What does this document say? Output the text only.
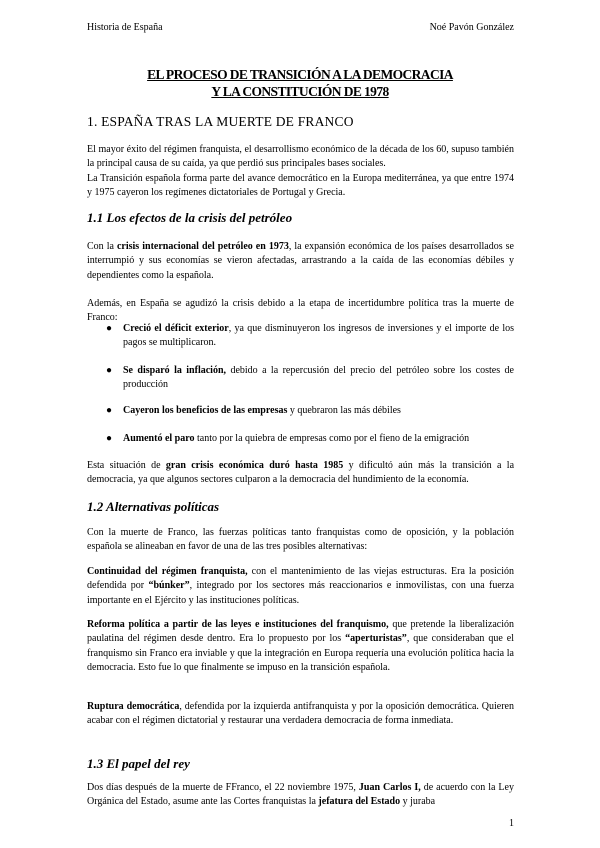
Historia de España	Noé Pavón González
EL PROCESO DE TRANSICIÓN A LA DEMOCRACIA
Y LA CONSTITUCIÓN DE 1978
1. ESPAÑA TRAS LA MUERTE DE FRANCO
El mayor éxito del régimen franquista, el desarrollismo económico de la década de los 60, supuso también la principal causa de su caída, ya que perdió sus principales bases sociales.
La Transición española forma parte del avance democrático en la Europa mediterránea, ya que entre 1974 y 1975 cayeron los regímenes dictatoriales de Portugal y Grecia.
1.1 Los efectos de la crisis del petróleo
Con la crisis internacional del petróleo en 1973, la expansión económica de los países desarrollados se interrumpió y sus economías se vieron afectadas, arrastrando a la caída de las economías débiles y dependientes como la española.
Además, en España se agudizó la crisis debido a la etapa de incertidumbre política tras la muerte de Franco:
● Creció el déficit exterior, ya que disminuyeron los ingresos de inversiones y el importe de los pagos se multiplicaron.
● Se disparó la inflación, debido a la repercusión del precio del petróleo sobre los costes de producción
● Cayeron los beneficios de las empresas y quebraron las más débiles
● Aumentó el paro tanto por la quiebra de empresas como por el fieno de la emigración
Esta situación de gran crisis económica duró hasta 1985 y dificultó aún más la transición a la democracia, ya que algunos sectores culparon a la democracia del hundimiento de la economía.
1.2 Alternativas políticas
Con la muerte de Franco, las fuerzas políticas tanto franquistas como de oposición, y la población española se alineaban en favor de una de las tres posibles alternativas:
Continuidad del régimen franquista, con el mantenimiento de las viejas estructuras. Era la posición defendida por “búnker”, integrado por los sectores más reaccionarios e inmovilistas, con una fuerza importante en el Ejército y las instituciones políticas.
Reforma política a partir de las leyes e instituciones del franquismo, que pretende la liberalización paulatina del régimen desde dentro. Era lo propuesto por los “aperturistas”, que consideraban que el franquismo sin Franco era inviable y que la integración en Europa requería una evolución política hacia la democracia. Esto fue lo que finalmente se impuso en la transición española.
Ruptura democrática, defendida por la izquierda antifranquista y por la oposición democrática. Quieren acabar con el régimen dictatorial y restaurar una verdadera democracia de forma inmediata.
1.3 El papel del rey
Dos días después de la muerte de FFranco, el 22 noviembre 1975, Juan Carlos I, de acuerdo con la Ley Orgánica del Estado, asume ante las Cortes franquistas la jefatura del Estado y juraba
1
